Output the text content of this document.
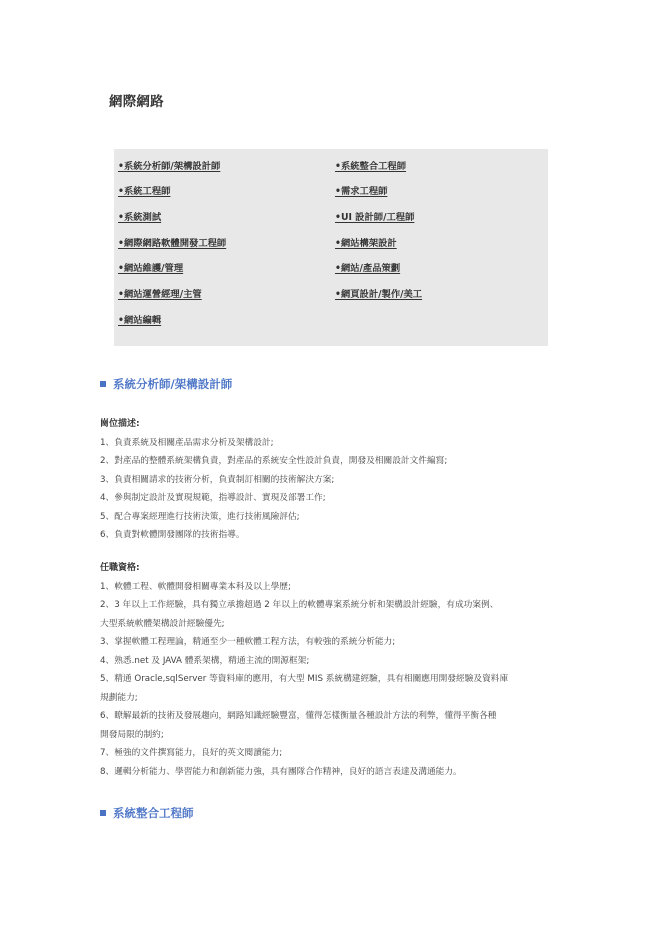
網際網路
•系統分析師/架構設計師
•系統工程師
•系統測試
•網際網路軟體開發工程師
•網站維護/管理
•網站運營經理/主管
•網站編輯
•系統整合工程師
•需求工程師
•UI 設計師/工程師
•網站構架設計
•網站/產品策劃
•網頁設計/製作/美工
系統分析師/架構設計師
崗位描述:
1、負責系統及相關產品需求分析及架構設計;
2、對產品的整體系統架構負責，對產品的系統安全性設計負責，開發及相關設計文件編寫;
3、負責相關請求的技術分析，負責制訂相關的技術解決方案;
4、參與制定設計及實現規範，指導設計、實現及部署工作;
5、配合專案經理進行技術決策，進行技術風險評估;
6、負責對軟體開發團隊的技術指導。
任職資格:
1、軟體工程、軟體開發相關專業本科及以上學歷;
2、3 年以上工作經驗，具有獨立承擔超過 2 年以上的軟體專案系統分析和架構設計經驗，有成功案例、
大型系統軟體架構設計經驗優先;
3、掌握軟體工程理論，精通至少一種軟體工程方法，有較強的系統分析能力;
4、熟悉.net 及 JAVA 體系架構，精通主流的開源框架;
5、精通 Oracle,sqlServer 等資料庫的應用，有大型 MIS 系統構建經驗，具有相關應用開發經驗及資料庫
規劃能力;
6、瞭解最新的技術及發展趨向，網路知識經驗豐富，懂得怎樣衡量各種設計方法的利弊，懂得平衡各種
開發局限的制約;
7、極強的文件撰寫能力，良好的英文閱讀能力;
8、邏輯分析能力、學習能力和創新能力強，具有團隊合作精神，良好的語言表達及溝通能力。
系統整合工程師
